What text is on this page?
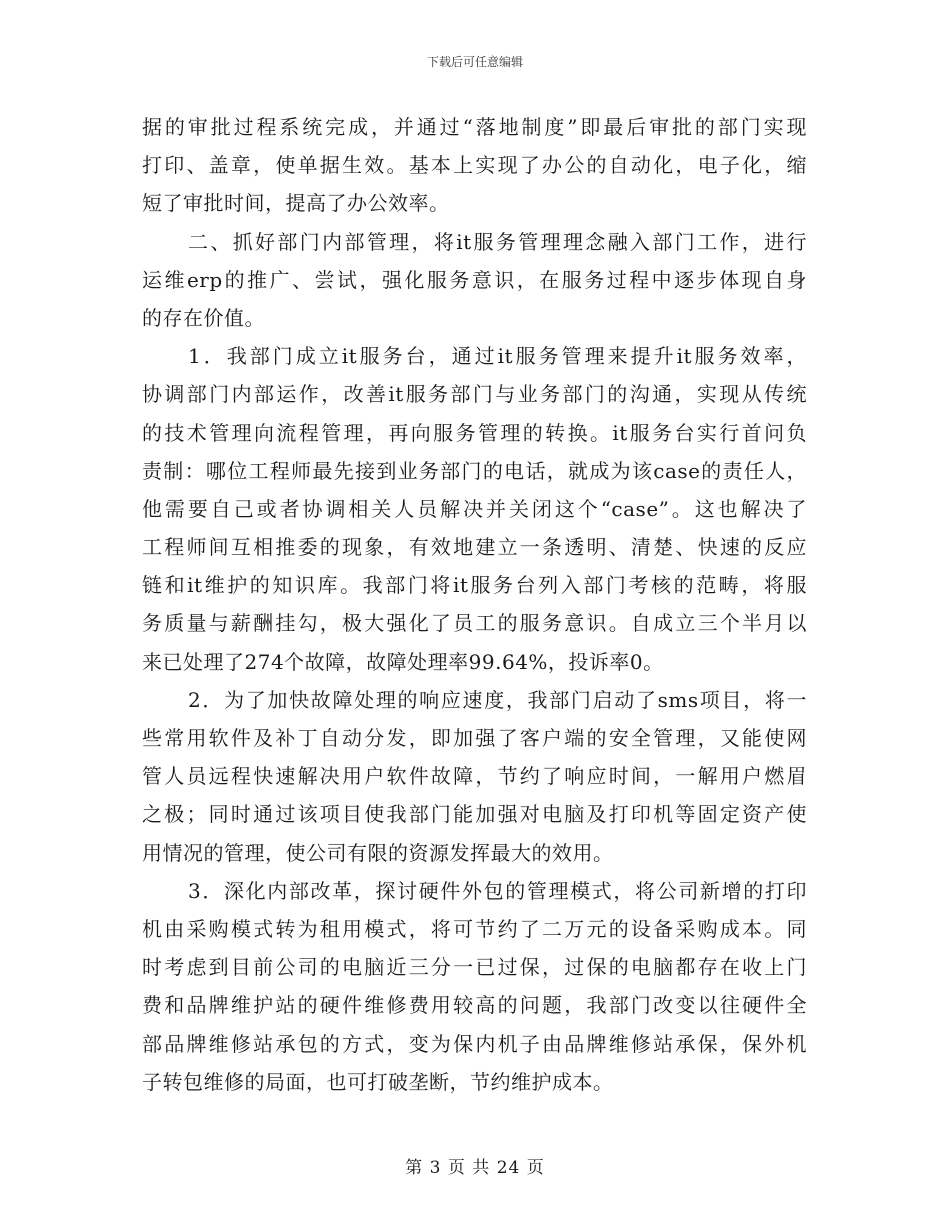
下载后可任意编辑
据的审批过程系统完成，并通过“落地制度”即最后审批的部门实现
打印、盖章，使单据生效。基本上实现了办公的自动化，电子化，缩
短了审批时间，提高了办公效率。
二、抓好部门内部管理，将it服务管理理念融入部门工作，进行
运维erp的推广、尝试，强化服务意识，在服务过程中逐步体现自身
的存在价值。
1．我部门成立it服务台，通过it服务管理来提升it服务效率，
协调部门内部运作，改善it服务部门与业务部门的沟通，实现从传统
的技术管理向流程管理，再向服务管理的转换。it服务台实行首问负
责制：哪位工程师最先接到业务部门的电话，就成为该case的责任人，
他需要自己或者协调相关人员解决并关闭这个“case”。这也解决了
工程师间互相推委的现象，有效地建立一条透明、清楚、快速的反应
链和it维护的知识库。我部门将it服务台列入部门考核的范畴，将服
务质量与薪酬挂勾，极大强化了员工的服务意识。自成立三个半月以
来已处理了274个故障，故障处理率99.64%，投诉率0。
2．为了加快故障处理的响应速度，我部门启动了sms项目，将一
些常用软件及补丁自动分发，即加强了客户端的安全管理，又能使网
管人员远程快速解决用户软件故障，节约了响应时间，一解用户燃眉
之极；同时通过该项目使我部门能加强对电脑及打印机等固定资产使
用情况的管理，使公司有限的资源发挥最大的效用。
3．深化内部改革，探讨硬件外包的管理模式，将公司新增的打印
机由采购模式转为租用模式，将可节约了二万元的设备采购成本。同
时考虑到目前公司的电脑近三分一已过保，过保的电脑都存在收上门
费和品牌维护站的硬件维修费用较高的问题，我部门改变以往硬件全
部品牌维修站承包的方式，变为保内机子由品牌维修站承保，保外机
子转包维修的局面，也可打破垄断，节约维护成本。
第 3 页 共 24 页
